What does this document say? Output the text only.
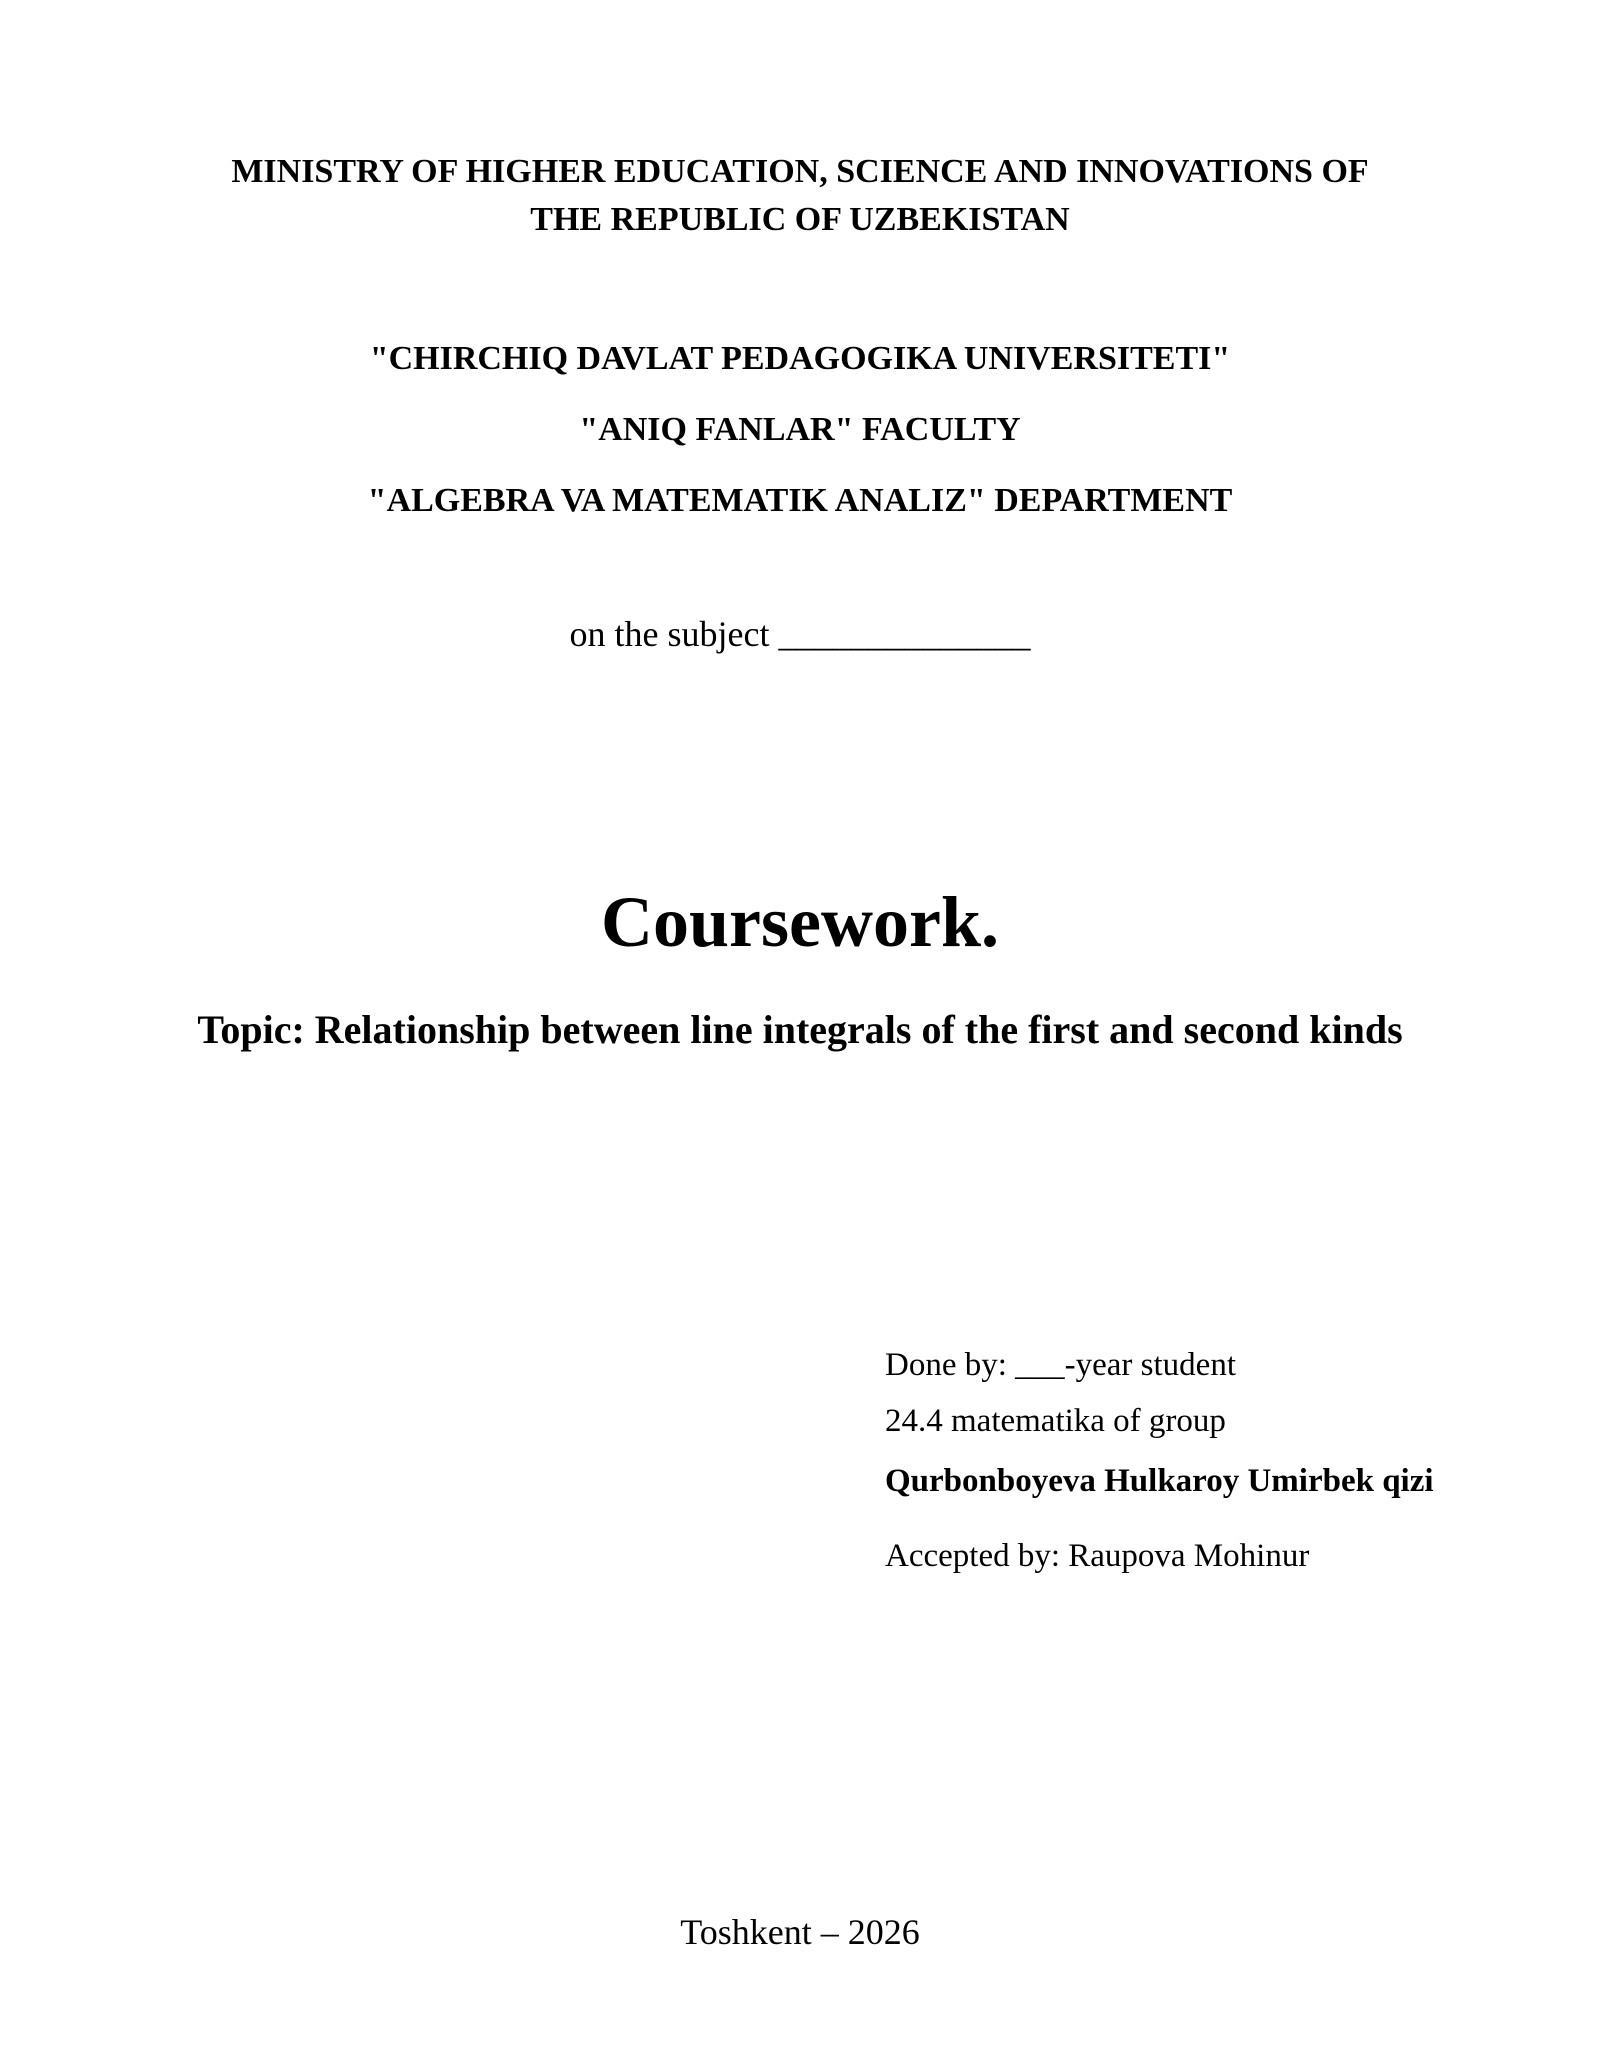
MINISTRY OF HIGHER EDUCATION, SCIENCE AND INNOVATIONS OF
THE REPUBLIC OF UZBEKISTAN
"CHIRCHIQ DAVLAT PEDAGOGIKA UNIVERSITETI"
"ANIQ FANLAR" FACULTY
"ALGEBRA VA MATEMATIK ANALIZ" DEPARTMENT
on the subject ______________
Coursework.
Topic: Relationship between line integrals of the first and second kinds
Done by: ___-year student
24.4 matematika of group
Qurbonboyeva Hulkaroy Umirbek qizi
Accepted by: Raupova Mohinur
Toshkent – 2026
